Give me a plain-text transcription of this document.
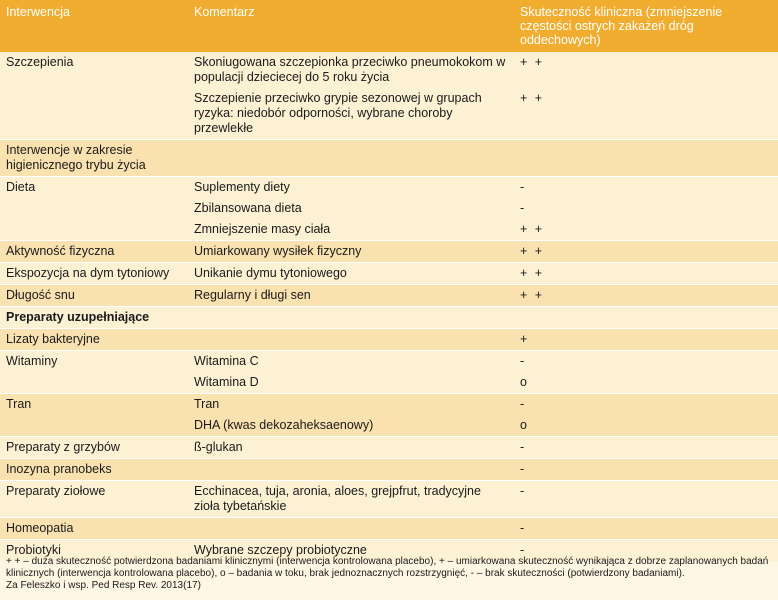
Interwencja	Komentarz	Skuteczność kliniczna (zmniejszenie częstości ostrych zakażeń dróg oddechowych)
Szczepienia	Skoniugowana szczepionka przeciwko pneumokokom w populacji dzieciecej do 5 roku życia	+ +
	Szczepienie przeciwko grypie sezonowej w grupach ryzyka: niedobór odporności, wybrane choroby przewlekłe	+ +
Interwencje w zakresie higienicznego trybu życia		
Dieta	Suplementy diety	-
	Zbilansowana dieta	-
	Zmniejszenie masy ciała	+ +
Aktywność fizyczna	Umiarkowany wysiłek fizyczny	+ +
Ekspozycja na dym tytoniowy	Unikanie dymu tytoniowego	+ +
Długość snu	Regularny i długi sen	+ +
Preparaty uzupełniające		
Lizaty bakteryjne		+
Witaminy	Witamina C	-
	Witamina D	o
Tran	Tran	-
	DHA (kwas dekozaheksaenowy)	o
Preparaty z grzybów	ß-glukan	-
Inozyna pranobeks		-
Preparaty ziołowe	Ecchinacea, tuja, aronia, aloes, grejpfrut, tradycyjne zioła tybetańskie	-
Homeopatia		-
Probiotyki	Wybrane szczepy probiotyczne	-
+ + – duża skuteczność potwierdzona badaniami klinicznymi (interwencja kontrolowana placebo), + – umiarkowana skuteczność wynikająca z dobrze zaplanowanych badań klinicznych (interwencja kontrolowana placebo), o – badania w toku, brak jednoznacznych rozstrzygnięć, - – brak skuteczności (potwierdzony badaniami).
Za Feleszko i wsp. Ped Resp Rev. 2013(17)
